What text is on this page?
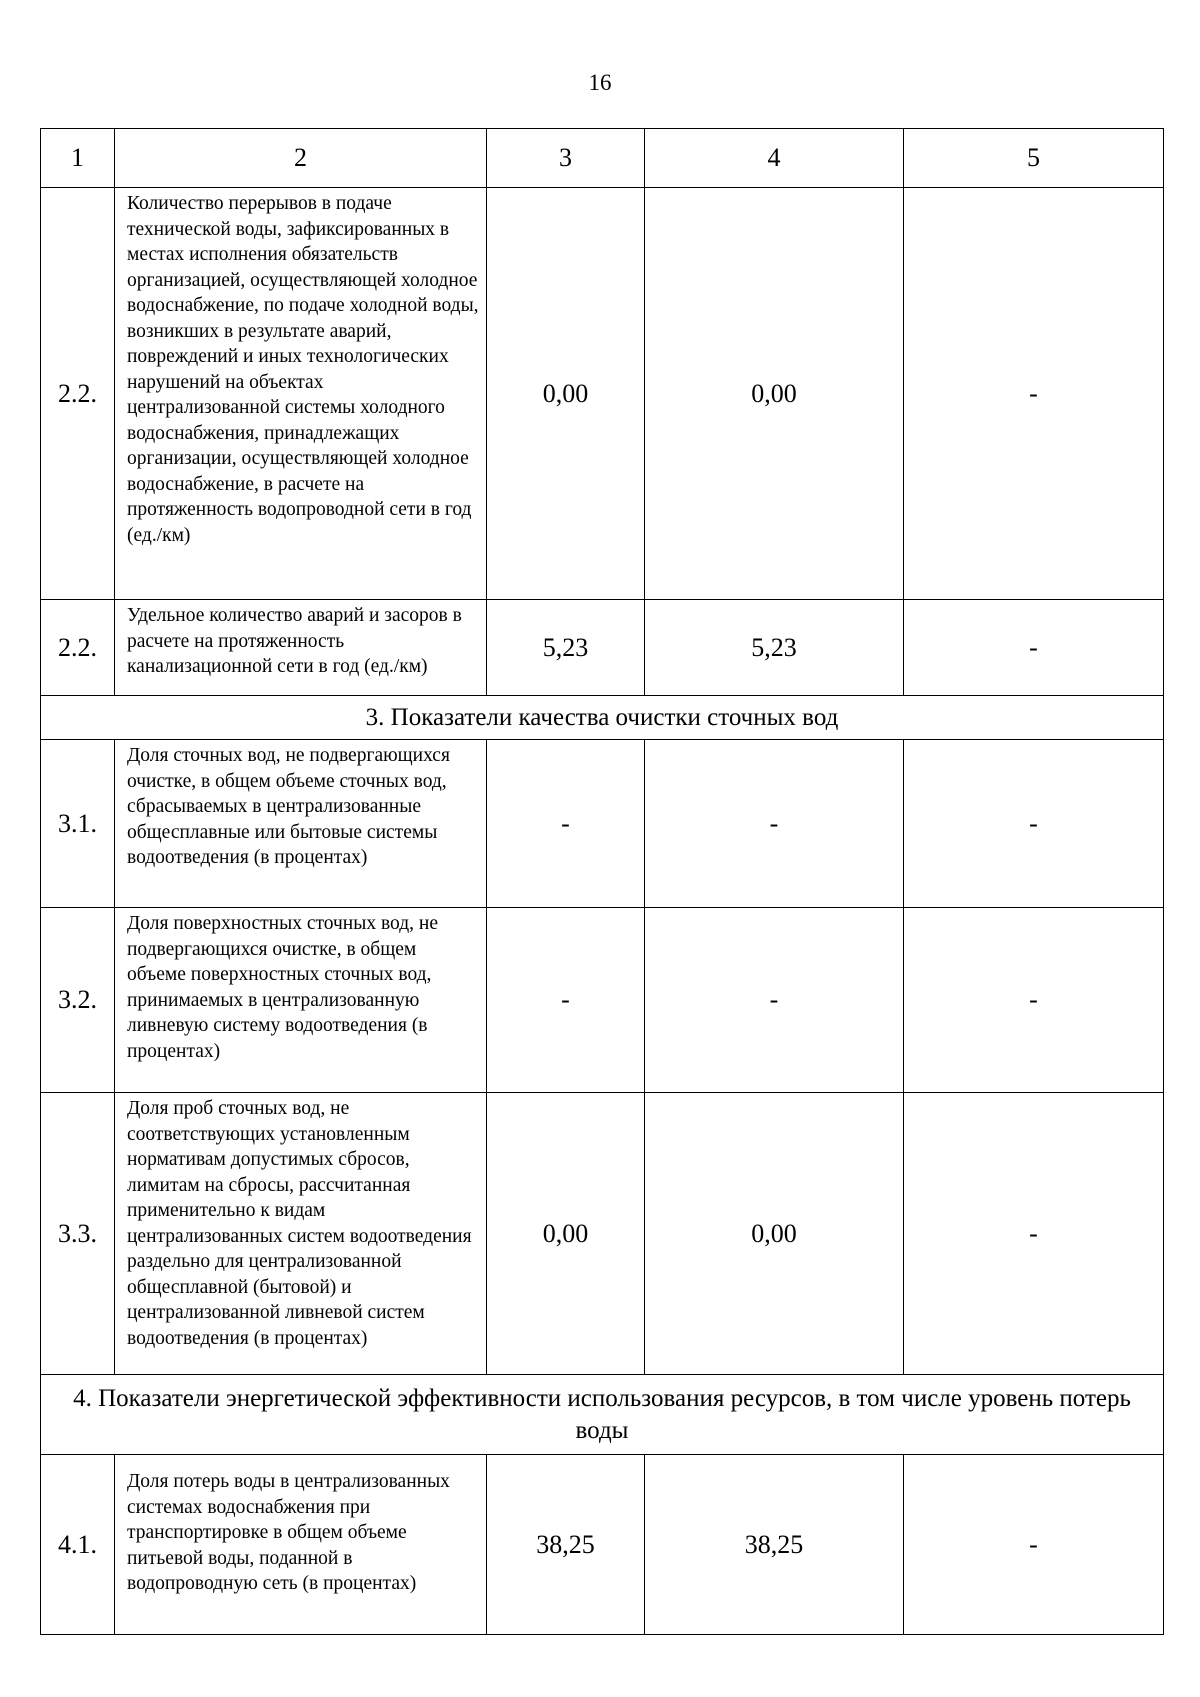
16
1	2	3	4	5
2.2.	Количество перерывов в подаче технической воды, зафиксированных в местах исполнения обязательств организацией, осуществляющей холодное водоснабжение, по подаче холодной воды, возникших в результате аварий, повреждений и иных технологических нарушений на объектах централизованной системы холодного водоснабжения, принадлежащих организации, осуществляющей холодное водоснабжение, в расчете на протяженность водопроводной сети в год (ед./км)	0,00	0,00	-
2.2.	Удельное количество аварий и засоров в расчете на протяженность канализационной сети в год (ед./км)	5,23	5,23	-
3. Показатели качества очистки сточных вод				
3.1.	Доля сточных вод, не подвергающихся очистке, в общем объеме сточных вод, сбрасываемых в централизованные общесплавные или бытовые системы водоотведения (в процентах)	-	-	-
3.2.	Доля поверхностных сточных вод, не подвергающихся очистке, в общем объеме поверхностных сточных вод, принимаемых в централизованную ливневую систему водоотведения (в процентах)	-	-	-
3.3.	Доля проб сточных вод, не соответствующих установленным нормативам допустимых сбросов, лимитам на сбросы, рассчитанная применительно к видам централизованных систем водоотведения раздельно для централизованной общесплавной (бытовой) и централизованной ливневой систем водоотведения (в процентах)	0,00	0,00	-
4. Показатели энергетической эффективности использования ресурсов, в том числе уровень потерь воды				
4.1.	Доля потерь воды в централизованных системах водоснабжения при транспортировке в общем объеме питьевой воды, поданной в водопроводную сеть (в процентах)	38,25	38,25	-
